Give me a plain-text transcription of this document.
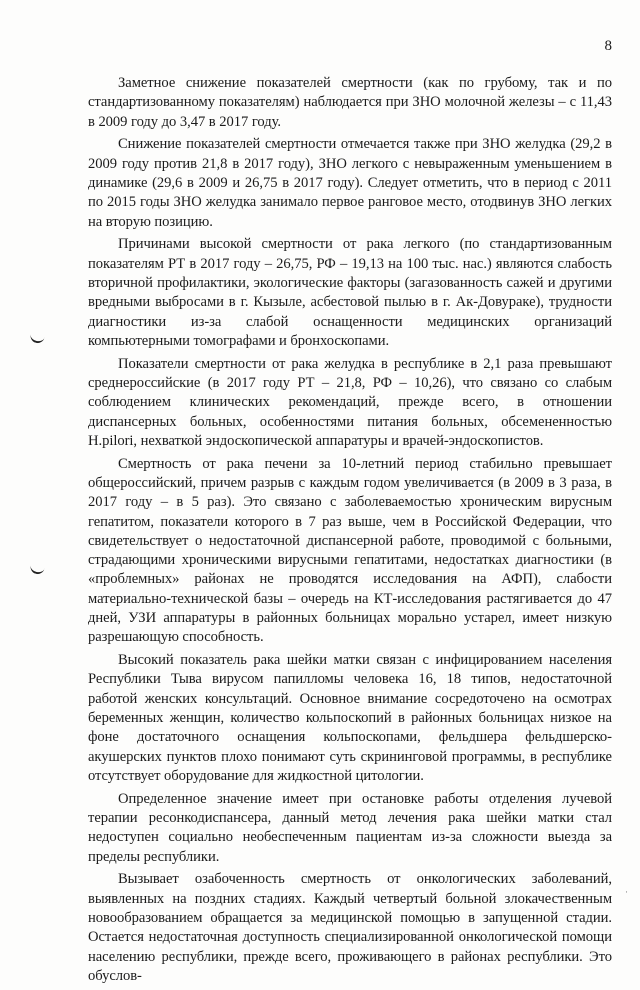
8
·

Заметное снижение показателей смертности (как по грубому, так и по стандартизованному показателям) наблюдается при ЗНО молочной железы – с 11,43 в 2009 году до 3,47 в 2017 году.

Снижение показателей смертности отмечается также при ЗНО желудка (29,2 в 2009 году против 21,8 в 2017 году), ЗНО легкого с невыраженным уменьшением в динамике (29,6 в 2009 и 26,75 в 2017 году). Следует отметить, что в период с 2011 по 2015 годы ЗНО желудка занимало первое ранговое место, отодвинув ЗНО легких на вторую позицию.

Причинами высокой смертности от рака легкого (по стандартизованным показателям РТ в 2017 году – 26,75, РФ – 19,13 на 100 тыс. нас.) являются слабость вторичной профилактики, экологические факторы (загазованность сажей и другими вредными выбросами в г. Кызыле, асбестовой пылью в г. Ак-Довураке), трудности диагностики из-за слабой оснащенности медицинских организаций компьютерными томографами и бронхоскопами.

Показатели смертности от рака желудка в республике в 2,1 раза превышают среднероссийские (в 2017 году РТ – 21,8, РФ – 10,26), что связано со слабым соблюдением клинических рекомендаций, прежде всего, в отношении диспансерных больных, особенностями питания больных, обсемененностью H.pilori, нехваткой эндоскопической аппаратуры и врачей-эндоскопистов.

Смертность от рака печени за 10-летний период стабильно превышает общероссийский, причем разрыв с каждым годом увеличивается (в 2009 в 3 раза, в 2017 году – в 5 раз). Это связано с заболеваемостью хроническим вирусным гепатитом, показатели которого в 7 раз выше, чем в Российской Федерации, что свидетельствует о недостаточной диспансерной работе, проводимой с больными, страдающими хроническими вирусными гепатитами, недостатках диагностики (в «проблемных» районах не проводятся исследования на АФП), слабости материально-технической базы – очередь на КТ-исследования растягивается до 47 дней, УЗИ аппаратуры в районных больницах морально устарел, имеет низкую разрешающую способность.

Высокий показатель рака шейки матки связан с инфицированием населения Республики Тыва вирусом папилломы человека 16, 18 типов, недостаточной работой женских консультаций. Основное внимание сосредоточено на осмотрах беременных женщин, количество кольпоскопий в районных больницах низкое на фоне достаточного оснащения кольпоскопами, фельдшера фельдшерско-акушерских пунктов плохо понимают суть скрининговой программы, в республике отсутствует оборудование для жидкостной цитологии.

Определенное значение имеет при остановке работы отделения лучевой терапии ресонкодиспансера, данный метод лечения рака шейки матки стал недоступен социально необеспеченным пациентам из-за сложности выезда за пределы республики.

Вызывает озабоченность смертность от онкологических заболеваний, выявленных на поздних стадиях. Каждый четвертый больной злокачественным новообразованием обращается за медицинской помощью в запущенной стадии. Остается недостаточная доступность специализированной онкологической помощи населению республики, прежде всего, проживающего в районах республики. Это обуслов-
